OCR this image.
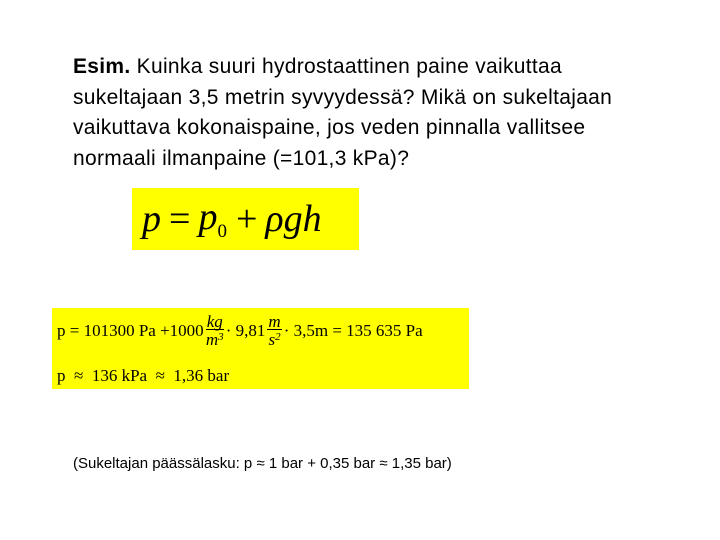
Esim. Kuinka suuri hydrostaattinen paine vaikuttaa sukeltajaan 3,5 metrin syvyydessä? Mikä on sukeltajaan vaikuttava kokonaispaine, jos veden pinnalla vallitsee normaali ilmanpaine (=101,3 kPa)?
$p = p_0 + \rho gh$
p = 101300 $Pa +1000 \frac{kg}{m^3} \cdot 9,81 \frac{m}{s^2} \cdot 3,5m = 135$ 635 Pa
p  ≈  136 kPa  ≈  1,36 bar
(Sukeltajan päässälasku: p ≈ 1 bar + 0,35 bar ≈ 1,35 bar)
